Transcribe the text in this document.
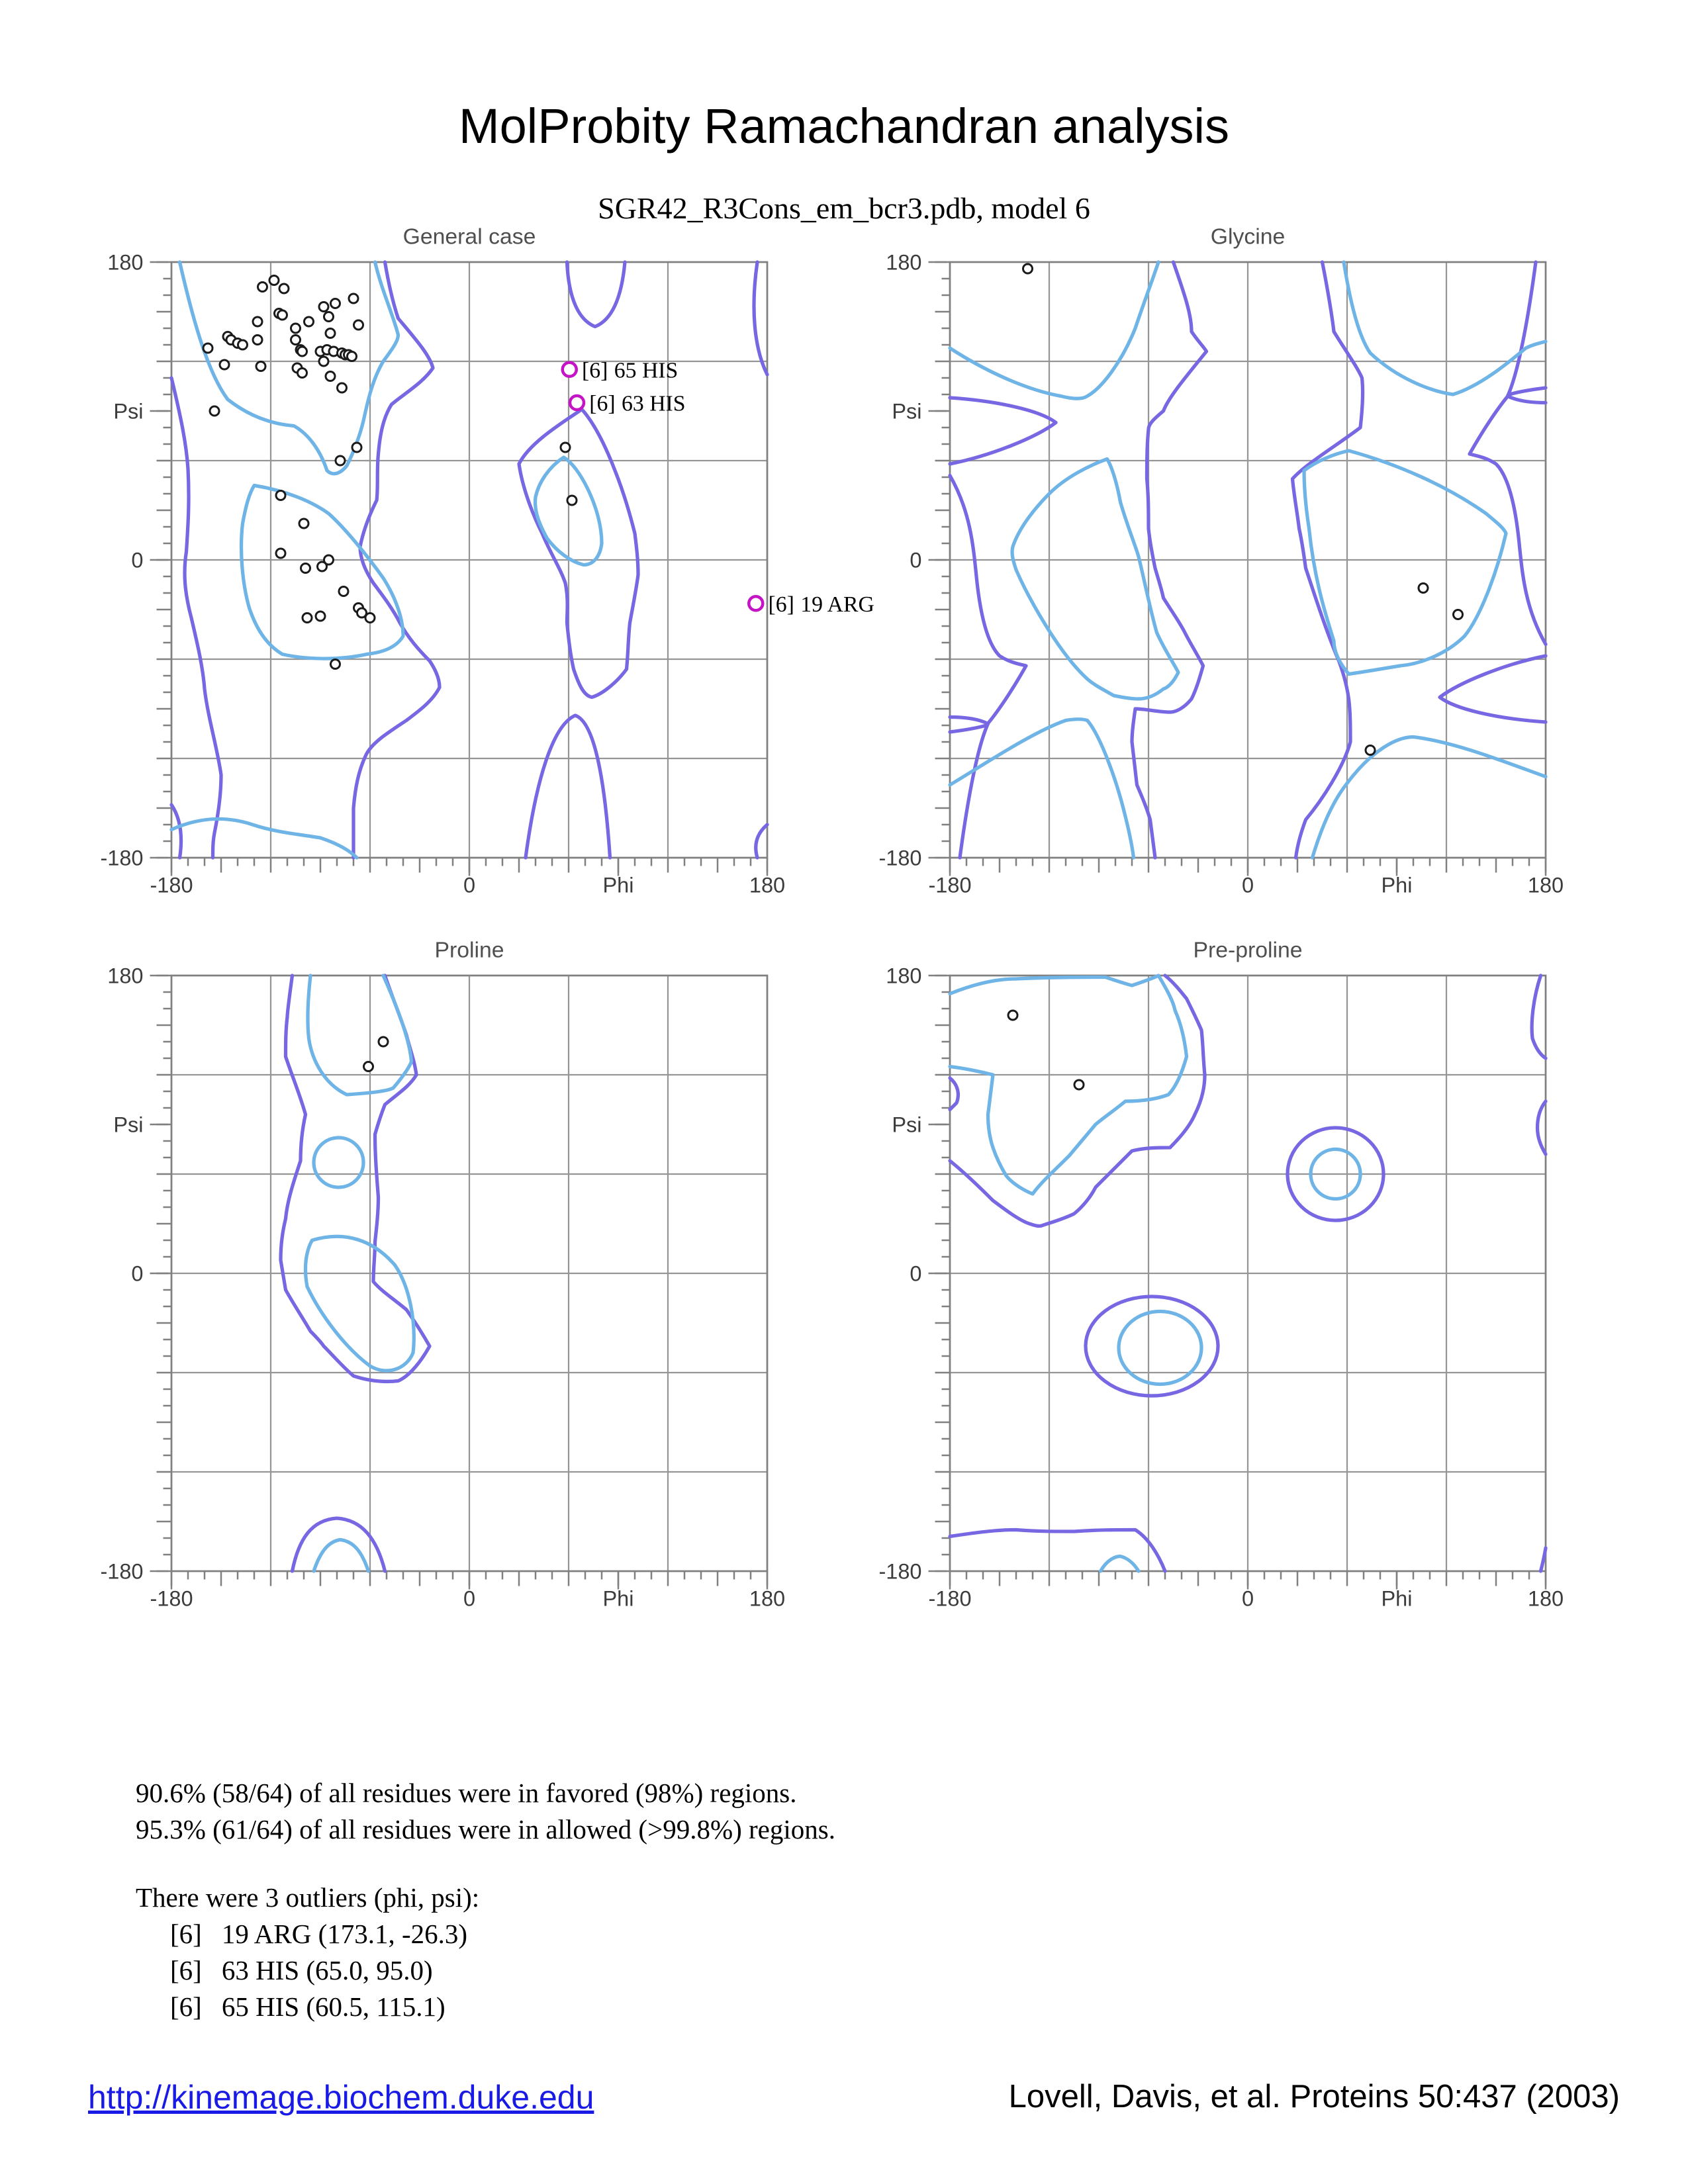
MolProbity Ramachandran analysis
SGR42_R3Cons_em_bcr3.pdb, model 6
[6] 65 HIS
[6] 63 HIS
[6] 19 ARG
General case
180
Psi
0
-180
-180	0	Phi	180
Glycine
180
Psi
0
-180
-180	0	Phi	180
Proline
180
Psi
0
-180
-180	0	Phi	180
Pre-proline
180
Psi
0
-180
-180	0	Phi	180
90.6% (58/64) of all residues were in favored (98%) regions.
95.3% (61/64) of all residues were in allowed (>99.8%) regions.
There were 3 outliers (phi, psi):
[6] 19 ARG (173.1, -26.3)
[6] 63 HIS (65.0, 95.0)
[6] 65 HIS (60.5, 115.1)
http://kinemage.biochem.duke.edu	Lovell, Davis, et al. Proteins 50:437 (2003)
